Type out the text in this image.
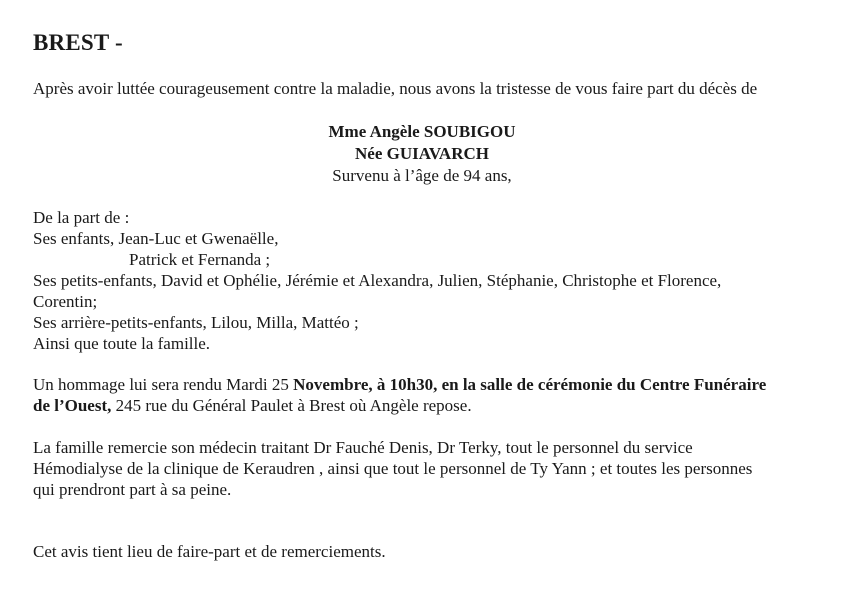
BREST -
Après avoir luttée courageusement contre la maladie, nous avons la tristesse de vous faire part du décès de
Mme Angèle SOUBIGOU
Née GUIAVARCH
Survenu à l’âge de 94 ans,
De la part de :
Ses enfants, Jean-Luc et Gwenaëlle,
Patrick et Fernanda ;
Ses petits-enfants, David et Ophélie, Jérémie et Alexandra, Julien, Stéphanie, Christophe et Florence,
Corentin;
Ses arrière-petits-enfants, Lilou, Milla, Mattéo ;
Ainsi que toute la famille.
Un hommage lui sera rendu Mardi 25 Novembre, à 10h30, en la salle de cérémonie du Centre Funéraire
de l’Ouest, 245 rue du Général Paulet à Brest où Angèle repose.
La famille remercie son médecin traitant Dr Fauché Denis, Dr Terky, tout le personnel du service
Hémodialyse de la clinique de Keraudren , ainsi que tout le personnel de Ty Yann ; et toutes les personnes
qui prendront part à sa peine.
Cet avis tient lieu de faire-part et de remerciements.
